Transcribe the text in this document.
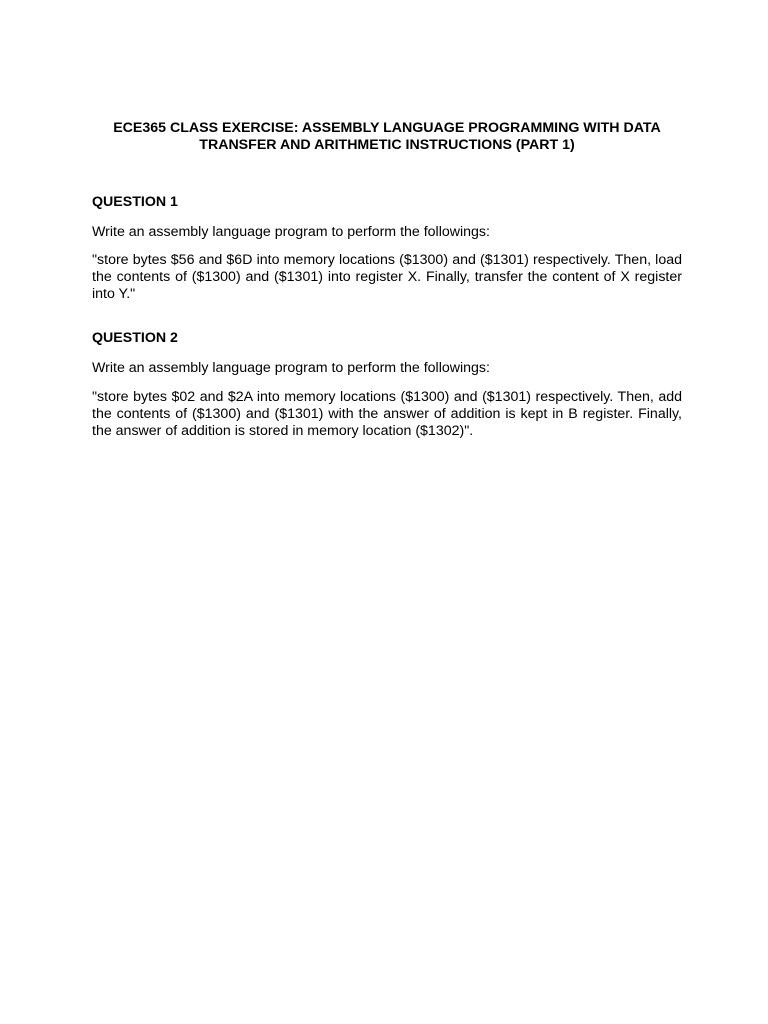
ECE365 CLASS EXERCISE: ASSEMBLY LANGUAGE PROGRAMMING WITH DATA TRANSFER AND ARITHMETIC INSTRUCTIONS (PART 1)
QUESTION 1

Write an assembly language program to perform the followings:

"store bytes $56 and $6D into memory locations ($1300) and ($1301) respectively. Then, load the contents of ($1300) and ($1301) into register X. Finally, transfer the content of X register into Y."

QUESTION 2

Write an assembly language program to perform the followings:

"store bytes $02 and $2A into memory locations ($1300) and ($1301) respectively. Then, add the contents of ($1300) and ($1301) with the answer of addition is kept in B register. Finally, the answer of addition is stored in memory location ($1302)".
